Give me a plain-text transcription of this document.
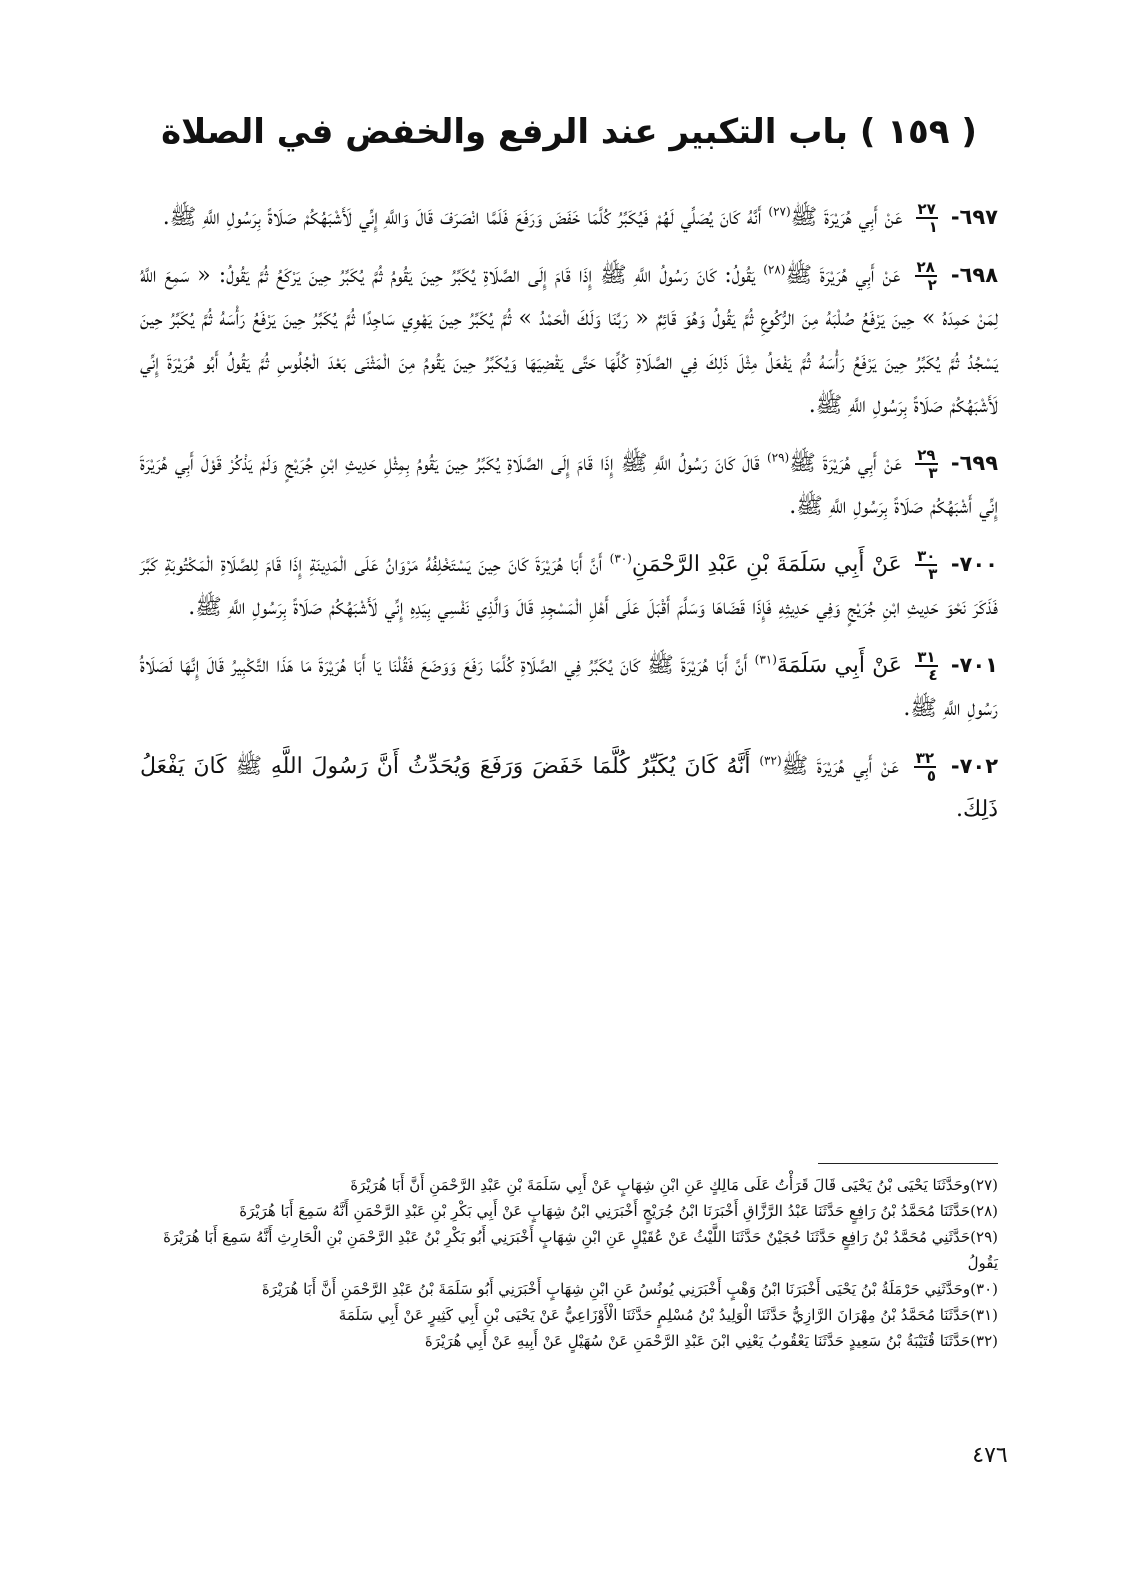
( ١٥٩ ) باب التكبير عند الرفع والخفض في الصلاة

٦٩٧-
$\frac{٢٧}{١}$
عَنْ أَبِي هُرَيْرَةَ ﷺ$^{(٢٧)}$ أَنَّهُ كَانَ يُصَلِّي لَهُمْ فَيُكَبِّرُ كُلَّمَا خَفَضَ وَرَفَعَ فَلَمَّا انْصَرَفَ قَالَ وَاللَّهِ إِنِّي لَأَشْبَهُكُمْ صَلَاةً بِرَسُولِ اللَّهِ ﷺ.

٦٩٨-
$\frac{٢٨}{٢}$
عَنْ أَبِي هُرَيْرَةَ ﷺ$^{(٢٨)}$ يَقُولُ: كَانَ رَسُولُ اللَّهِ ﷺ إِذَا قَامَ إِلَى الصَّلَاةِ يُكَبِّرُ حِينَ يَقُومُ ثُمَّ يُكَبِّرُ حِينَ يَرْكَعُ ثُمَّ يَقُولُ: « سَمِعَ اللَّهُ لِمَنْ حَمِدَهُ » حِينَ يَرْفَعُ صُلْبَهُ مِنَ الرُّكُوعِ ثُمَّ يَقُولُ وَهُوَ قَائِمٌ « رَبَّنَا وَلَكَ الْحَمْدُ » ثُمَّ يُكَبِّرُ حِينَ يَهْوِي سَاجِدًا ثُمَّ يُكَبِّرُ حِينَ يَرْفَعُ رَأْسَهُ ثُمَّ يُكَبِّرُ حِينَ يَسْجُدُ ثُمَّ يُكَبِّرُ حِينَ يَرْفَعُ رَأْسَهُ ثُمَّ يَفْعَلُ مِثْلَ ذَلِكَ فِي الصَّلَاةِ كُلِّهَا حَتَّى يَقْضِيَهَا وَيُكَبِّرُ حِينَ يَقُومُ مِنَ الْمَثْنَى بَعْدَ الْجُلُوسِ ثُمَّ يَقُولُ أَبُو هُرَيْرَةَ إِنِّي لَأَشْبَهُكُمْ صَلَاةً بِرَسُولِ اللَّهِ ﷺ.

٦٩٩-
$\frac{٢٩}{٣}$
عَنْ أَبِي هُرَيْرَةَ ﷺ$^{(٢٩)}$ قَالَ كَانَ رَسُولُ اللَّهِ ﷺ إِذَا قَامَ إِلَى الصَّلَاةِ يُكَبِّرُ حِينَ يَقُومُ بِمِثْلِ حَدِيثِ ابْنِ جُرَيْجٍ وَلَمْ يَذْكُرْ قَوْلَ أَبِي هُرَيْرَةَ إِنِّي أَشْبَهُكُمْ صَلَاةً بِرَسُولِ اللَّهِ ﷺ.

٧٠٠-
$\frac{٣٠}{٣}$
عَنْ أَبِي سَلَمَةَ بْنِ عَبْدِ الرَّحْمَنِ$^{(٣٠)}$ أَنَّ أَبَا هُرَيْرَةَ كَانَ حِينَ يَسْتَخْلِفُهُ مَرْوَانُ عَلَى الْمَدِينَةِ إِذَا قَامَ لِلصَّلَاةِ الْمَكْتُوبَةِ كَبَّرَ فَذَكَرَ نَحْوَ حَدِيثِ ابْنِ جُرَيْجٍ وَفِي حَدِيثِهِ فَإِذَا قَضَاهَا وَسَلَّمَ أَقْبَلَ عَلَى أَهْلِ الْمَسْجِدِ قَالَ وَالَّذِي نَفْسِي بِيَدِهِ إِنِّي لَأَشْبَهُكُمْ صَلَاةً بِرَسُولِ اللَّهِ ﷺ.

٧٠١-
$\frac{٣١}{٤}$
عَنْ أَبِي سَلَمَةَ$^{(٣١)}$ أَنَّ أَبَا هُرَيْرَةَ ﷺ كَانَ يُكَبِّرُ فِي الصَّلَاةِ كُلَّمَا رَفَعَ وَوَضَعَ فَقُلْنَا يَا أَبَا هُرَيْرَةَ مَا هَذَا التَّكْبِيرُ قَالَ إِنَّهَا لَصَلَاةُ رَسُولِ اللَّهِ ﷺ.

٧٠٢-
$\frac{٣٢}{٥}$
عَنْ أَبِي هُرَيْرَةَ ﷺ$^{(٣٢)}$ أَنَّهُ كَانَ يُكَبِّرُ كُلَّمَا خَفَضَ وَرَفَعَ وَيُحَدِّثُ أَنَّ رَسُولَ اللَّهِ ﷺ كَانَ يَفْعَلُ ذَلِكَ.

(٢٧)وحَدَّثَنَا يَحْيَى بْنُ يَحْيَى قَالَ قَرَأْتُ عَلَى مَالِكٍ عَنِ ابْنِ شِهَابٍ عَنْ أَبِي سَلَمَةَ بْنِ عَبْدِ الرَّحْمَنِ أَنَّ أَبَا هُرَيْرَةَ

(٢٨)حَدَّثَنَا مُحَمَّدُ بْنُ رَافِعٍ حَدَّثَنَا عَبْدُ الرَّزَّاقِ أَخْبَرَنَا ابْنُ جُرَيْجٍ أَخْبَرَنِي ابْنُ شِهَابٍ عَنْ أَبِي بَكْرِ بْنِ عَبْدِ الرَّحْمَنِ أَنَّهُ سَمِعَ أَبَا هُرَيْرَةَ

(٢٩)حَدَّثَنِي مُحَمَّدُ بْنُ رَافِعٍ حَدَّثَنَا حُجَيْنٌ حَدَّثَنَا اللَّيْثُ عَنْ عُقَيْلٍ عَنِ ابْنِ شِهَابٍ أَخْبَرَنِي أَبُو بَكْرِ بْنُ عَبْدِ الرَّحْمَنِ بْنِ الْحَارِثِ أَنَّهُ سَمِعَ أَبَا هُرَيْرَةَ يَقُولُ

(٣٠)وحَدَّثَنِي حَرْمَلَةُ بْنُ يَحْيَى أَخْبَرَنَا ابْنُ وَهْبٍ أَخْبَرَنِي يُونُسُ عَنِ ابْنِ شِهَابٍ أَخْبَرَنِي أَبُو سَلَمَةَ بْنُ عَبْدِ الرَّحْمَنِ أَنَّ أَبَا هُرَيْرَةَ

(٣١)حَدَّثَنَا مُحَمَّدُ بْنُ مِهْرَانَ الرَّازِيُّ حَدَّثَنَا الْوَلِيدُ بْنُ مُسْلِمٍ حَدَّثَنَا الْأَوْزَاعِيُّ عَنْ يَحْيَى بْنِ أَبِي كَثِيرٍ عَنْ أَبِي سَلَمَةَ

(٣٢)حَدَّثَنَا قُتَيْبَةُ بْنُ سَعِيدٍ حَدَّثَنَا يَعْقُوبُ يَعْنِي ابْنَ عَبْدِ الرَّحْمَنِ عَنْ سُهَيْلٍ عَنْ أَبِيهِ عَنْ أَبِي هُرَيْرَةَ

٤٧٦
